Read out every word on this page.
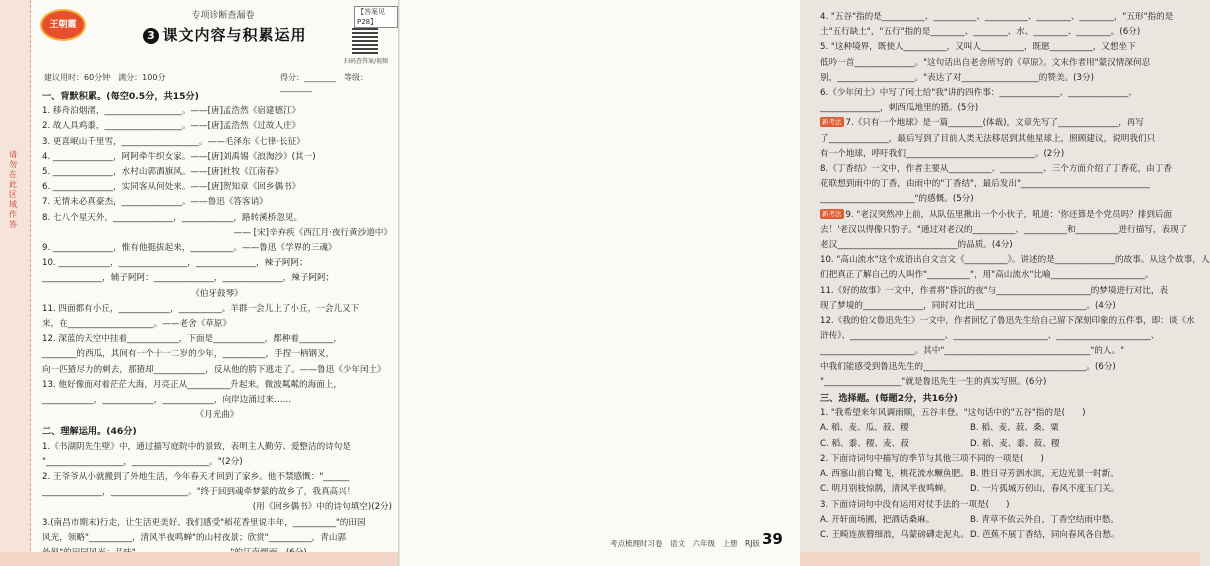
请勿在此区域作答
王朝霞
专项诊断查漏卷	【答案见P28】
3 课文内容与积累运用
扫码查答案/视频
建议用时：60分钟　满分：100分	得分：________　等级：________
一、背默积累。(每空0.5分，共15分)
1. 移舟泊烟渚，__________________。——[唐]孟浩然《宿建德江》
2. 故人具鸡黍，__________________。——[唐]孟浩然《过故人庄》
3. 更喜岷山千里雪，__________________。——毛泽东《七律·长征》
4. ______________，阿阿牵牛织女家。——[唐]刘禹锡《浪淘沙》(其一)
5. ______________，水村山郭酒旗风。——[唐]杜牧《江南春》
6. ______________，实同客从何处来。——[唐]贺知章《回乡偶书》
7. 无情未必真豪杰，______________。——鲁迅《答客诮》
8. 七八个星天外，______________，____________，路转溪桥忽见。
—— [宋]辛弃疾《西江月·夜行黄沙道中》
9. ______________，惟有他挺拔起来，__________。——鲁迅《学界的三魂》
10. ____________，________________，______________，辣子阿阿；
______________，辅子阿阿：______________，______________，辣子阿阿；
《伯牙鼓琴》
11. 四面都有小丘，____________，__________。羊群一会儿上了小丘，一会儿又下
来，在____________________。——老舍《草原》
12. 深蓝的天空中挂着____________，下面是____________，都种着________，
________的西瓜，其间有一个十一二岁的少年，__________，手捏一柄钢叉，
向一匹猹尽力的刺去，那猹却____________，反从他的胯下逃走了。——鲁迅《少年闰土》
13. 他好像面对着茫茫大海，月亮正从__________升起来。微波粼粼的海面上，
____________，____________，____________，向岸边涌过来……
《月光曲》
二、理解运用。(46分)
1.《书湖阴先生壁》中，通过描写庭院中的景致，表明主人勤劳、爱整洁的诗句是
"__________________，__________________。"(2分)
2. 王爷爷从小就搬到了外地生活，今年春天才回到了家乡。他不禁感慨："______
______________，__________________。"终于回到魂牵梦萦的故乡了，我真高兴！
(用《回乡偶书》中的诗句填空)(2分)
3.(南昌市期末)行走，让生活更美好。我们感受"稻花香里说丰年，__________"的田园
风光，领略"__________，清风半夜鸣蝉"的山村夜景；欣赏"__________，青山郭
4. "五谷"指的是__________、__________、__________、________、________，"五形"指的是
土"五行缺土"，"五行"指的是________、________、水、________、________。(6分)
5. "这种境界，既使人__________，又叫人__________，既愿__________，又想坐下
低吟一首______________。"这句话出自老舍所写的《草原》。文末作者用"蒙汉情深何忍
别，__________________。"表达了对__________________的赞美。(3分)
6.《少年闰土》中写了闰土给"我"讲的四件事：______________、______________、
______________，刺西瓜地里的猹。(5分)
新考法 7.《只有一个地球》是一篇________(体裁)，文章先写了______________，再写
了______________，最后写到了目前人类无法移居到其他星球上，照顾建议，说明我们只
有一个地球，呼吁我们______________________________。(2分)
8.《丁香结》一文中，作者主要从__________、__________、三个方面介绍了丁香花，由丁香
花联想到雨中的丁香，由雨中的"丁香结"，最后发出"______________________________
______________________"的感慨。(5分)
新考法 9. "老汉突然冲上前，从队伍里揪出一个小伙子，吼道：'你还算是个党员吗？排到后面
去！'老汉以得像只豹子。"通过对老汉的__________、__________和__________进行描写，表现了
老汉____________________________的品质。(4分)
10. "高山流水"这个成语出自文言文《__________》。讲述的是______________的故事。从这个故事，人
们把真正了解自己的人叫作"__________"，用"高山流水"比喻______________________。
11.《好的故事》一文中，作者将"昏沉的夜"与______________________的梦境进行对比，表
现了梦境的______________，同时对比出__________________________。(4分)
12.《我的伯父鲁迅先生》一文中，作者回忆了鲁迅先生给自己留下深刻印象的五件事，即：谈《水
浒传》、______________________、______________________、______________________、
______________________。其中"__________________________________"的人。"
中我们能感受到鲁迅先生的______________________________________。(6分)
"__________________"就是鲁迅先生一生的真实写照。(6分)
三、选择题。(每题2分，共16分)
1. "我希望来年风调雨顺，五谷丰登。"这句话中的"五谷"指的是(　　)
A. 稻、麦、瓜、菽、稷	B. 稻、麦、菽、桑、粟
C. 稻、黍、稷、麦、菽	D. 稻、麦、黍、菽、稷
2. 下面诗词句中描写的季节与其他三项不同的一项是(　　)
A. 西塞山前白鹭飞，桃花流水鳜鱼肥。B. 胜日寻芳泗水滨，无边光景一时新。
C. 明月别枝惊鹊，清风半夜鸣蝉。 D. 一片孤城万仞山，春风不度玉门关。
3. 下面诗词句中没有运用对仗手法的一项是(　　)
A. 开轩面场圃，把酒话桑麻。	B. 青草不依云外自，丁香空结雨中愁。
C. 王畸连族簪细浪，乌蒙磅礴走泥丸。D. 芭蕉不展丁香结，同向春风各自愁。
考点梳理时习卷　语文　六年级　上册　RJ版 39
